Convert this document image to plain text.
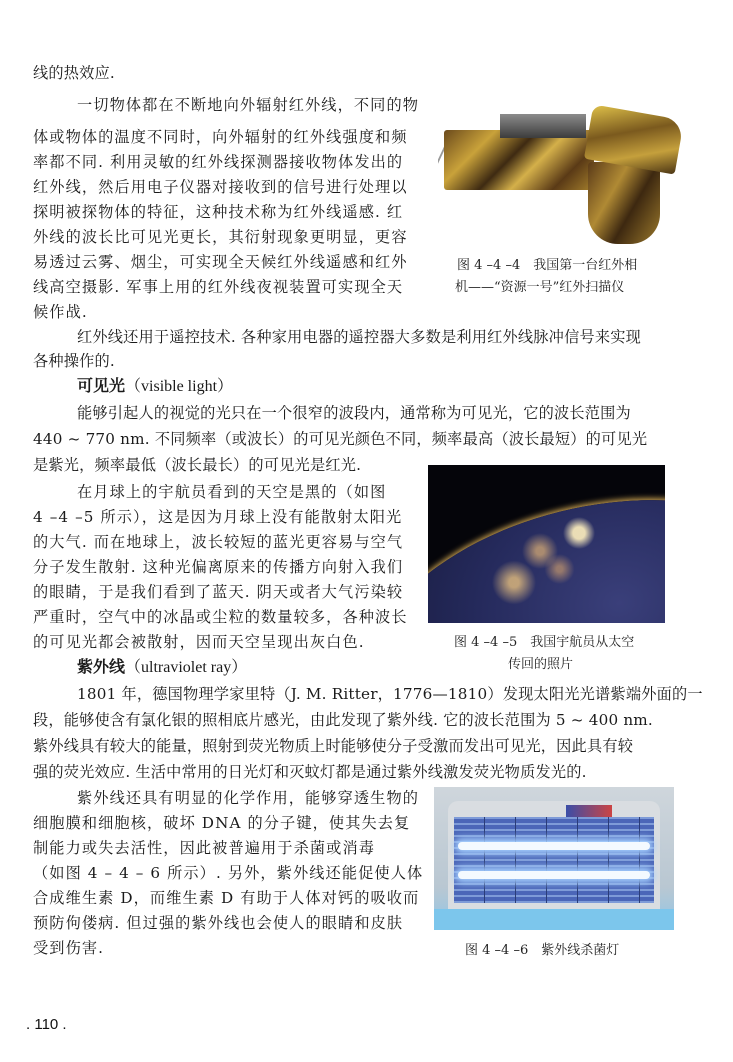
线的热效应.
一切物体都在不断地向外辐射红外线，不同的物
体或物体的温度不同时，向外辐射的红外线强度和频
率都不同. 利用灵敏的红外线探测器接收物体发出的
红外线，然后用电子仪器对接收到的信号进行处理以
探明被探物体的特征，这种技术称为红外线遥感. 红
外线的波长比可见光更长，其衍射现象更明显，更容
易透过云雾、烟尘，可实现全天候红外线遥感和红外
线高空摄影. 军事上用的红外线夜视装置可实现全天
候作战.
图 4 –4 –4　我国第一台红外相
机——“资源一号”红外扫描仪
红外线还用于遥控技术. 各种家用电器的遥控器大多数是利用红外线脉冲信号来实现
各种操作的.
可见光（visible light）
能够引起人的视觉的光只在一个很窄的波段内，通常称为可见光，它的波长范围为
440 ~ 770 nm. 不同频率（或波长）的可见光颜色不同，频率最高（波长最短）的可见光
是紫光，频率最低（波长最长）的可见光是红光.
在月球上的宇航员看到的天空是黑的（如图
4 –4 –5 所示），这是因为月球上没有能散射太阳光
的大气. 而在地球上，波长较短的蓝光更容易与空气
分子发生散射. 这种光偏离原来的传播方向射入我们
的眼睛，于是我们看到了蓝天. 阴天或者大气污染较
严重时，空气中的冰晶或尘粒的数量较多，各种波长
的可见光都会被散射，因而天空呈现出灰白色.	图 4 –4 –5　我国宇航员从太空
传回的照片
紫外线（ultraviolet ray）
1801 年，德国物理学家里特（J. M. Ritter，1776—1810）发现太阳光光谱紫端外面的一
段，能够使含有氯化银的照相底片感光，由此发现了紫外线. 它的波长范围为 5 ~ 400 nm.
紫外线具有较大的能量，照射到荧光物质上时能够使分子受激而发出可见光，因此具有较
强的荧光效应. 生活中常用的日光灯和灭蚊灯都是通过紫外线激发荧光物质发光的.
紫外线还具有明显的化学作用，能够穿透生物的
细胞膜和细胞核，破坏 DNA 的分子键，使其失去复
制能力或失去活性，因此被普遍用于杀菌或消毒
（如图 4 – 4 – 6 所示）. 另外，紫外线还能促使人体
合成维生素 D，而维生素 D 有助于人体对钙的吸收而
预防佝偻病. 但过强的紫外线也会使人的眼睛和皮肤
受到伤害.	图 4 –4 –6　紫外线杀菌灯
. 110 .
